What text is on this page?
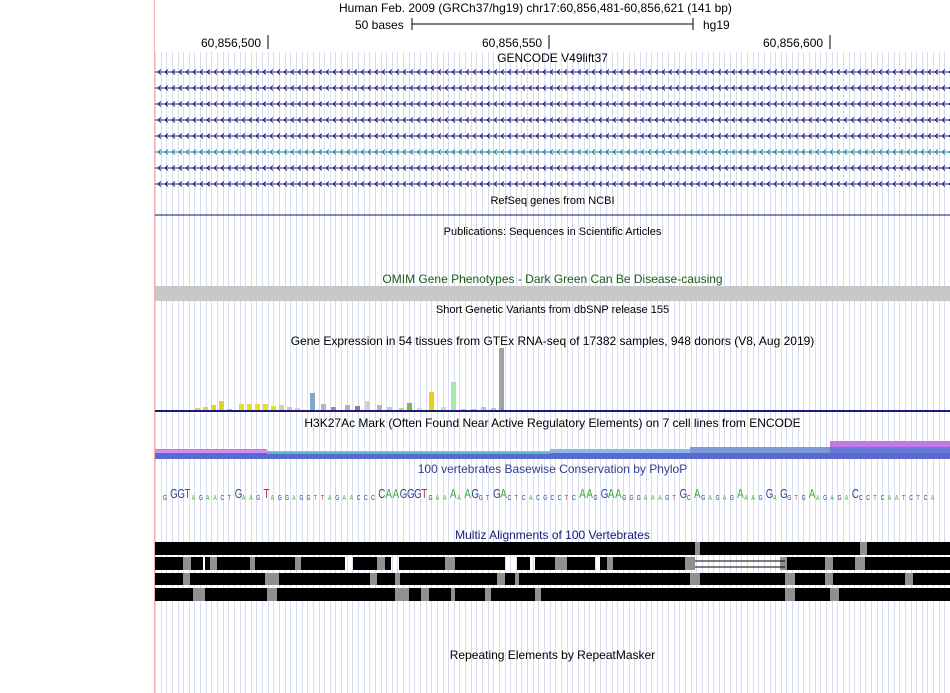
G G G T A G A A C T G A A G T A G G A G G T T A G A A C C C C A A G G G T G A A A A A G G T G A C T C A C G C C T C A A G G A A G G G A A A G T G C A G A G A G A A A G G A G G T G A A G A G A C C C T C A A T C T C A
Human Feb. 2009 (GRCh37/hg19) chr17:60,856,481-60,856,621 (141 bp)
50 bases	hg19
60,856,500	60,856,550	60,856,600
GENCODE V49lift37
RefSeq genes from NCBI
Publications: Sequences in Scientific Articles
OMIM Gene Phenotypes - Dark Green Can Be Disease-causing
Short Genetic Variants from dbSNP release 155
Gene Expression in 54 tissues from GTEx RNA-seq of 17382 samples, 948 donors (V8, Aug 2019)
H3K27Ac Mark (Often Found Near Active Regulatory Elements) on 7 cell lines from ENCODE
100 vertebrates Basewise Conservation by PhyloP
Multiz Alignments of 100 Vertebrates
Repeating Elements by RepeatMasker
